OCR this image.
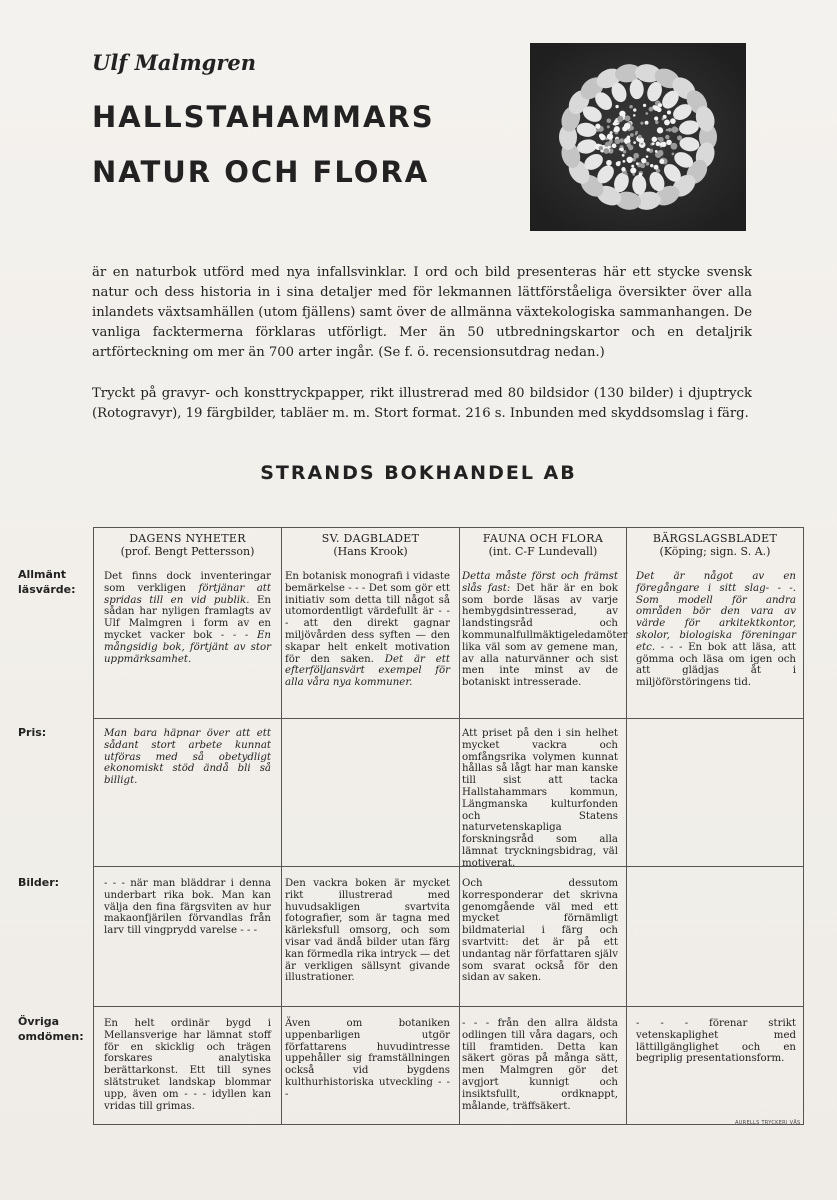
Ulf Malmgren
HALLSTAHAMMARS
NATUR OCH FLORA

är en naturbok utförd med nya infallsvinklar. I ord och bild presenteras här ett stycke svensk natur och dess historia in i sina detaljer med för lekmannen lättförståeliga översikter över alla inlandets växtsamhällen (utom fjällens) samt över de allmänna växtekologiska sammanhangen. De vanliga facktermerna förklaras utförligt. Mer än 50 utbredningskartor och en detaljrik artförteckning om mer än 700 arter ingår. (Se f. ö. recensionsutdrag nedan.)

Tryckt på gravyr- och konsttryckpapper, rikt illustrerad med 80 bildsidor (130 bilder) i djuptryck (Rotogravyr), 19 färgbilder, tabläer m. m. Stort format. 216 s. Inbunden med skyddsomslag i färg.

STRANDS BOKHANDEL AB
DAGENS NYHETER
(prof. Bengt Pettersson)
SV. DAGBLADET
(Hans Krook)
FAUNA OCH FLORA
(int. C-F Lundevall)
BÄRGSLAGSBLADET
(Köping; sign. S. A.)
Det finns dock inventeringar som verkligen förtjänar att spridas till en vid publik. En sådan har nyligen framlagts av Ulf Malmgren i form av en mycket vacker bok - - - En mångsidig bok, förtjänt av stor uppmärksamhet.
En botanisk monografi i vidaste bemärkelse - - - Det som gör ett initiativ som detta till något så utomordentligt värdefullt är - - - att den direkt gagnar miljövården dess syften — den skapar helt enkelt motivation för den saken. Det är ett efterföljansvärt exempel för alla våra nya kommuner.
Detta måste först och främst slås fast: Det här är en bok som borde läsas av varje hembygdsintresserad, av landstingsråd och kommunalfullmäktigeledamöter lika väl som av gemene man, av alla naturvänner och sist men inte minst av de botaniskt intresserade.
Det är något av en föregångare i sitt slag- - -. Som modell för andra områden bör den vara av värde för arkitektkontor, skolor, biologiska föreningar etc. - - - En bok att läsa, att gömma och läsa om igen och att glädjas åt i miljöförstöringens tid.
Man bara häpnar över att ett sådant stort arbete kunnat utföras med så obetydligt ekonomiskt stöd ändå bli så billigt.
Att priset på den i sin helhet mycket vackra och omfångsrika volymen kunnat hållas så lågt har man kanske till sist att tacka Hallstahammars kommun, Längmanska kulturfonden och Statens naturvetenskapliga forskningsråd som alla lämnat tryckningsbidrag, väl motiverat.
- - - när man bläddrar i denna underbart rika bok. Man kan välja den fina färgsviten av hur makaonfjärilen förvandlas från larv till vingprydd varelse - - -
Den vackra boken är mycket rikt illustrerad med huvudsakligen svartvita fotografier, som är tagna med kärleksfull omsorg, och som visar vad ändå bilder utan färg kan förmedla rika intryck — det är verkligen sällsynt givande illustrationer.
Och dessutom korresponderar det skrivna genomgående väl med ett mycket förnämligt bildmaterial i färg och svartvitt: det är på ett undantag när författaren själv som svarat också för den sidan av saken.
En helt ordinär bygd i Mellansverige har lämnat stoff för en skicklig och trägen forskares analytiska berättarkonst. Ett till synes slätstruket landskap blommar upp, även om - - - idyllen kan vridas till grimas.
Även om botaniken uppenbarligen utgör författarens huvudintresse uppehåller sig framställningen också vid bygdens kulthurhistoriska utveckling - - -
- - - från den allra äldsta odlingen till våra dagars, och till framtiden. Detta kan säkert göras på många sätt, men Malmgren gör det avgjort kunnigt och insiktsfullt, ordknappt, målande, träffsäkert.
- - - förenar strikt vetenskaplighet med lättillgänglighet och en begriplig presentationsform.
Allmänt
läsvärde:
Pris:
Bilder:
Övriga
omdömen:
AURELLS TRYCKERI VÅS
